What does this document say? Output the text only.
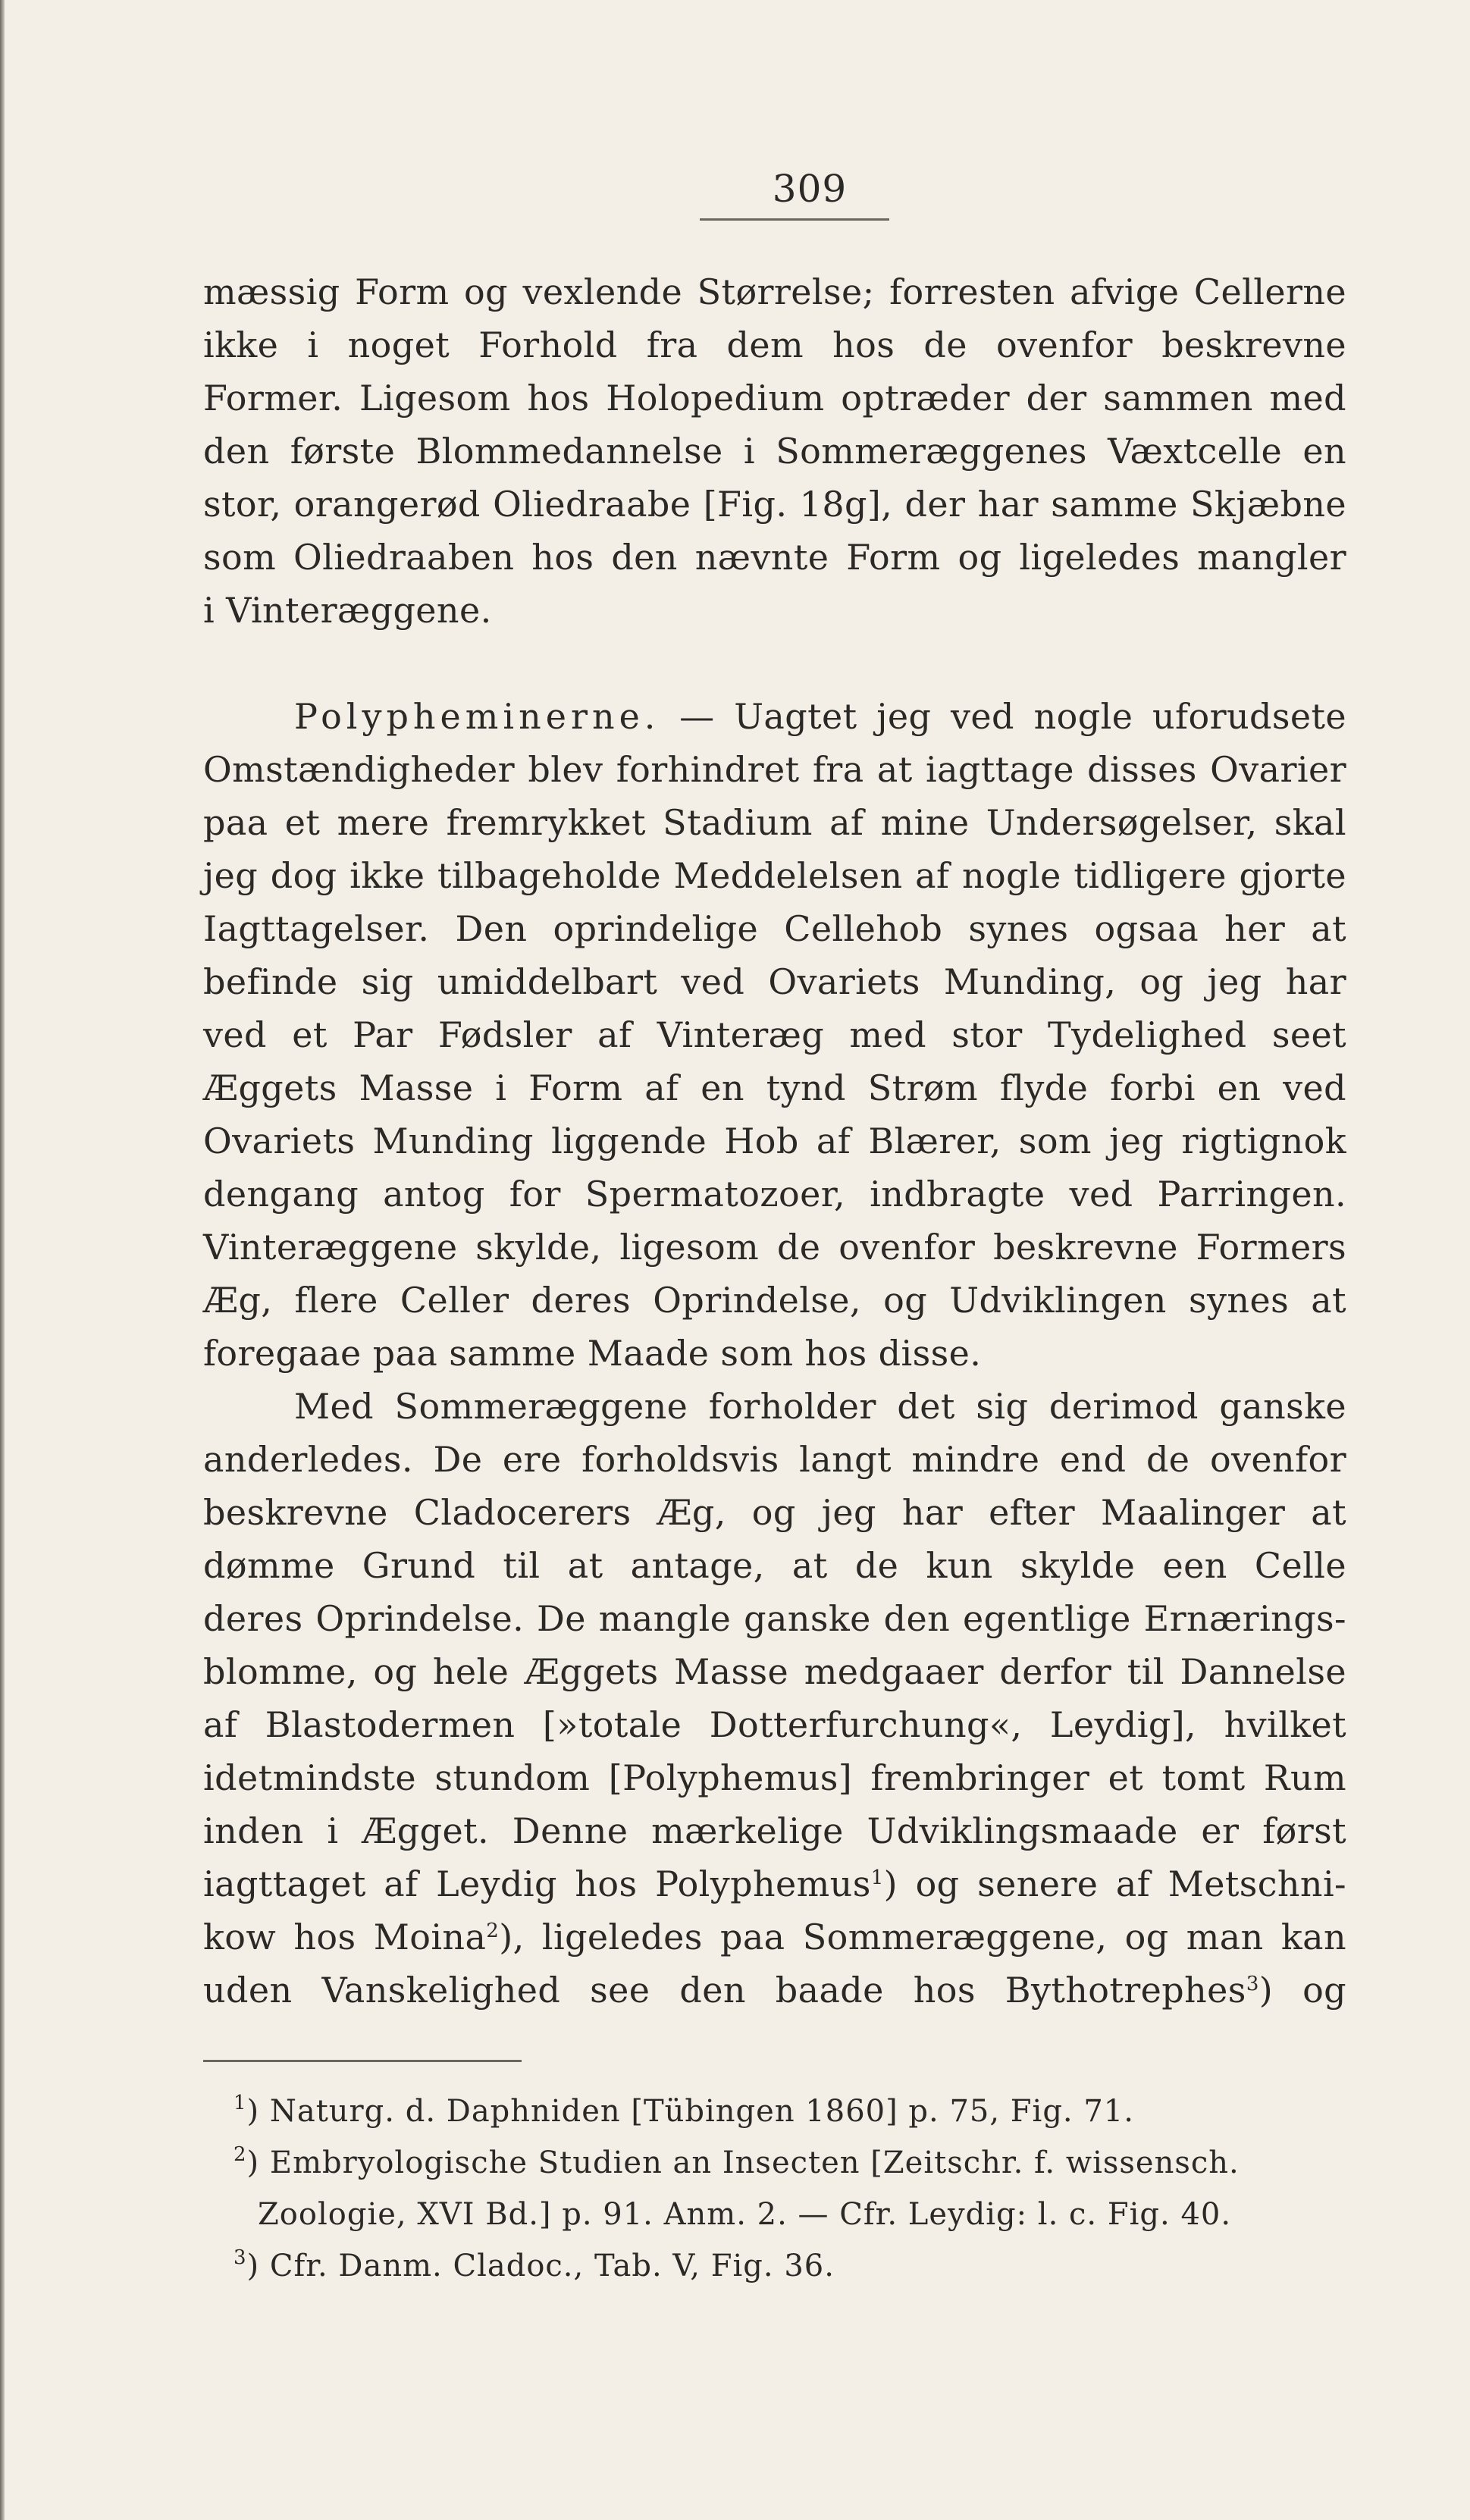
309
mæssig Form og vexlende Størrelse; forresten afvige Cellerne
ikke i noget Forhold fra dem hos de ovenfor beskrevne
Former. Ligesom hos Holopedium optræder der sammen med
den første Blommedannelse i Sommeræggenes Væxtcelle en
stor, orangerød Oliedraabe [Fig. 18g], der har samme Skjæbne
som Oliedraaben hos den nævnte Form og ligeledes mangler
i Vinteræggene.
Polypheminerne. — Uagtet jeg ved nogle uforudsete
Omstændigheder blev forhindret fra at iagttage disses Ovarier
paa et mere fremrykket Stadium af mine Undersøgelser, skal
jeg dog ikke tilbageholde Meddelelsen af nogle tidligere gjorte
Iagttagelser. Den oprindelige Cellehob synes ogsaa her at
befinde sig umiddelbart ved Ovariets Munding, og jeg har
ved et Par Fødsler af Vinteræg med stor Tydelighed seet
Æggets Masse i Form af en tynd Strøm flyde forbi en ved
Ovariets Munding liggende Hob af Blærer, som jeg rigtignok
dengang antog for Spermatozoer, indbragte ved Parringen.
Vinteræggene skylde, ligesom de ovenfor beskrevne Formers
Æg, flere Celler deres Oprindelse, og Udviklingen synes at
foregaae paa samme Maade som hos disse.
Med Sommeræggene forholder det sig derimod ganske
anderledes. De ere forholdsvis langt mindre end de ovenfor
beskrevne Cladocerers Æg, og jeg har efter Maalinger at
dømme Grund til at antage, at de kun skylde een Celle
deres Oprindelse. De mangle ganske den egentlige Ernærings-
blomme, og hele Æggets Masse medgaaer derfor til Dannelse
af Blastodermen [»totale Dotterfurchung«, Leydig], hvilket
idetmindste stundom [Polyphemus] frembringer et tomt Rum
inden i Ægget. Denne mærkelige Udviklingsmaade er først
iagttaget af Leydig hos Polyphemus$^1$) og senere af Metschni-
kow hos Moina$^2$), ligeledes paa Sommeræggene, og man kan
uden Vanskelighed see den baade hos Bythotrephes$^3$) og
$^1$) Naturg. d. Daphniden [Tübingen 1860] p. 75, Fig. 71.
$^2$) Embryologische Studien an Insecten [Zeitschr. f. wissensch.
Zoologie, XVI Bd.] p. 91. Anm. 2. — Cfr. Leydig: l. c. Fig. 40.
$^3$) Cfr. Danm. Cladoc., Tab. V, Fig. 36.
